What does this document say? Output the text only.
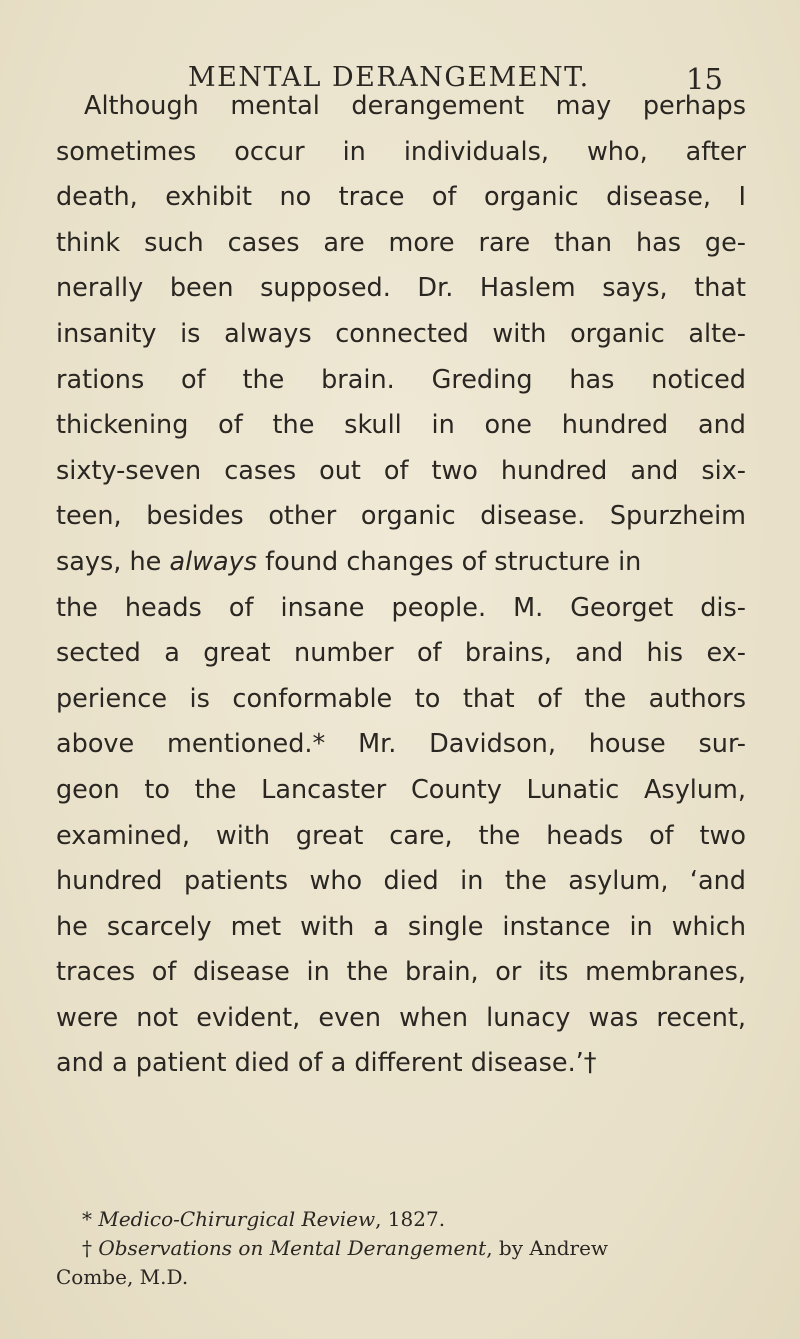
MENTAL DERANGEMENT.	15
Although mental derangement may perhaps
sometimes occur in individuals, who, after
death, exhibit no trace of organic disease, I
think such cases are more rare than has ge-
nerally been supposed. Dr. Haslem says, that
insanity is always connected with organic alte-
rations of the brain. Greding has noticed
thickening of the skull in one hundred and
sixty-seven cases out of two hundred and six-
teen, besides other organic disease. Spurzheim
says, he always found changes of structure in
the heads of insane people. M. Georget dis-
sected a great number of brains, and his ex-
perience is conformable to that of the authors
above mentioned.* Mr. Davidson, house sur-
geon to the Lancaster County Lunatic Asylum,
examined, with great care, the heads of two
hundred patients who died in the asylum, ‘and
he scarcely met with a single instance in which
traces of disease in the brain, or its membranes,
were not evident, even when lunacy was recent,
and a patient died of a different disease.’†
* Medico-Chirurgical Review, 1827.
† Observations on Mental Derangement, by Andrew
Combe, M.D.
